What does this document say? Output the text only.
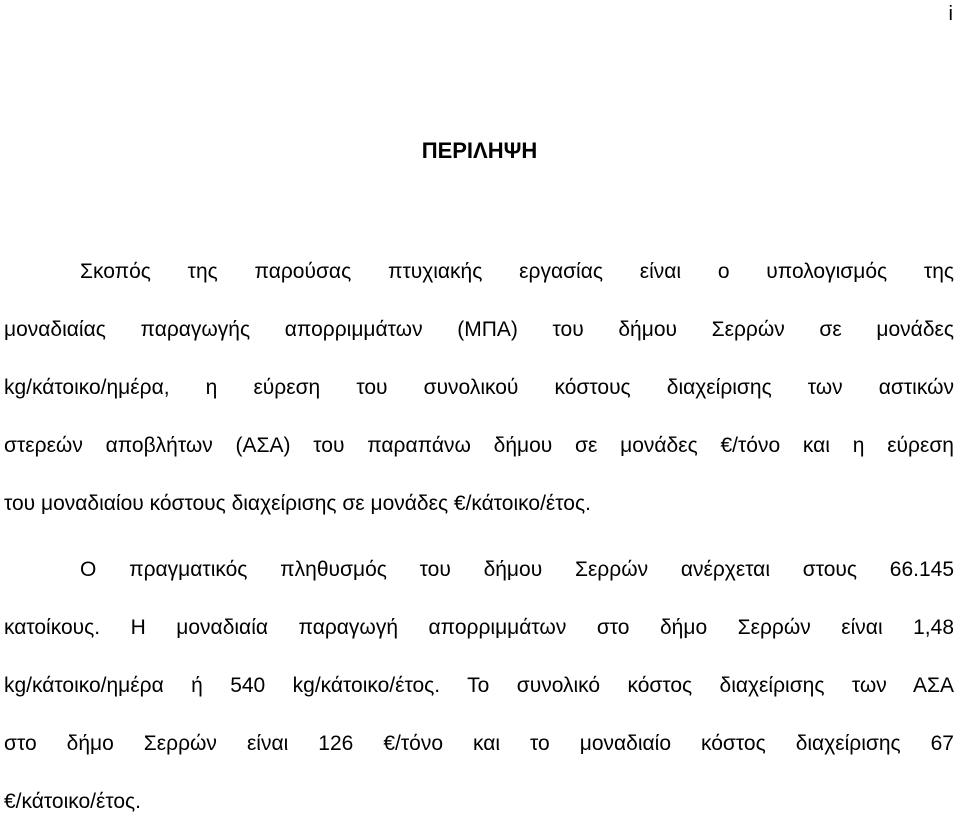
i
ΠΕΡΙΛΗΨΗ
Σκοπός της παρούσας πτυχιακής εργασίας είναι ο υπολογισμός της
μοναδιαίας παραγωγής απορριμμάτων (ΜΠΑ) του δήμου Σερρών σε μονάδες
kg/κάτοικο/ημέρα, η εύρεση του συνολικού κόστους διαχείρισης των αστικών
στερεών αποβλήτων (ΑΣΑ) του παραπάνω δήμου σε μονάδες €/τόνο και η εύρεση
του μοναδιαίου κόστους διαχείρισης σε μονάδες €/κάτοικο/έτος.
Ο πραγματικός πληθυσμός του δήμου Σερρών ανέρχεται στους 66.145
κατοίκους. Η μοναδιαία παραγωγή απορριμμάτων στο δήμο Σερρών είναι 1,48
kg/κάτοικο/ημέρα ή 540 kg/κάτοικο/έτος. Το συνολικό κόστος διαχείρισης των ΑΣΑ
στο δήμο Σερρών είναι 126 €/τόνο και το μοναδιαίο κόστος διαχείρισης 67
€/κάτοικο/έτος.
